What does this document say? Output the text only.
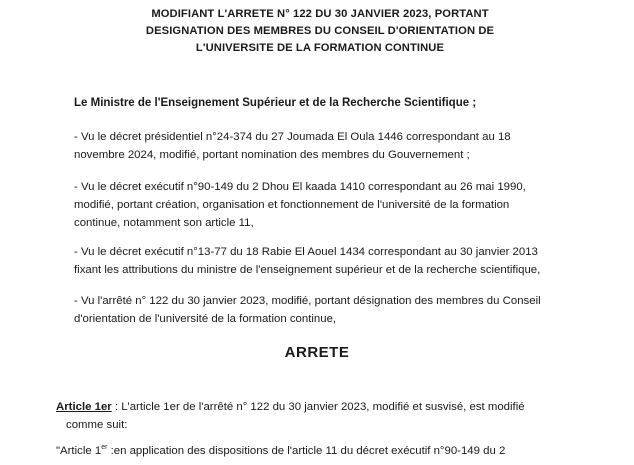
MODIFIANT L'ARRETE N° 122 DU 30 JANVIER 2023, PORTANT
DESIGNATION DES MEMBRES DU CONSEIL D'ORIENTATION DE
L'UNIVERSITE DE LA FORMATION CONTINUE
Le Ministre de l'Enseignement Supérieur et de la Recherche Scientifique ;
- Vu le décret présidentiel n°24-374 du 27 Joumada El Oula 1446 correspondant au 18
novembre 2024, modifié, portant nomination des membres du Gouvernement ;
- Vu le décret exécutif n°90-149 du 2 Dhou El kaada 1410 correspondant au 26 mai 1990,
modifié, portant création, organisation et fonctionnement de l'université de la formation
continue, notamment son article 11,
- Vu le décret exécutif n°13-77 du 18 Rabie El Aouel 1434 correspondant au 30 janvier 2013
fixant les attributions du ministre de l'enseignement supérieur et de la recherche scientifique,
- Vu l'arrêté n° 122 du 30 janvier 2023, modifié, portant désignation des membres du Conseil
d'orientation de l'université de la formation continue,
ARRETE
Article 1er : L'article 1er de l'arrêté n° 122 du 30 janvier 2023, modifié et susvisé, est modifié
comme suit:
"Article 1er :en application des dispositions de l'article 11 du décret exécutif n°90-149 du 2
